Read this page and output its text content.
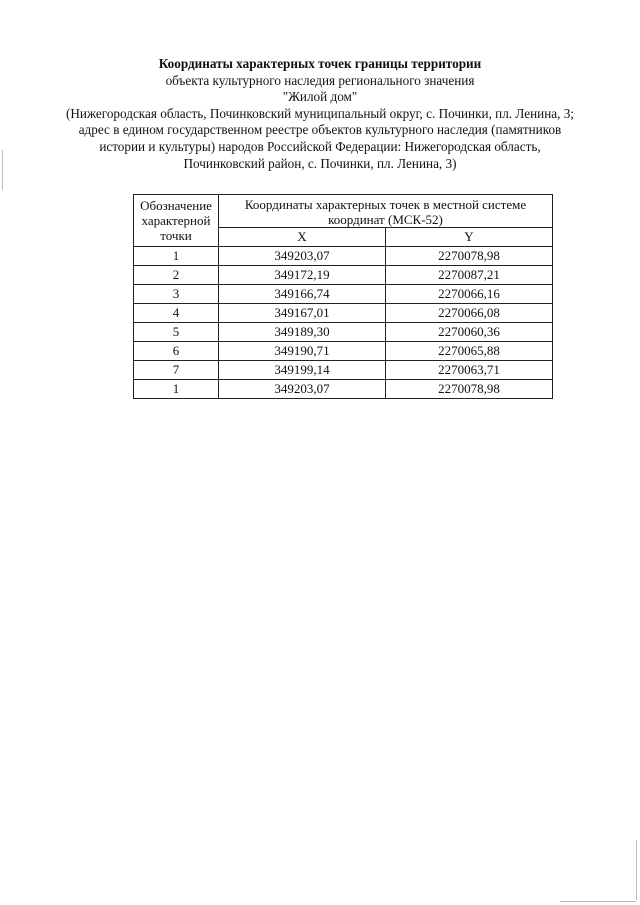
Координаты характерных точек границы территории
объекта культурного наследия регионального значения
"Жилой дом"
(Нижегородская область, Починковский муниципальный округ, с. Починки, пл. Ленина, 3;
адрес в едином государственном реестре объектов культурного наследия (памятников
истории и культуры) народов Российской Федерации: Нижегородская область,
Починковский район, с. Починки, пл. Ленина, 3)
Обозначение
характерной
точки	Координаты характерных точек в местной системе
координат (МСК-52)	
	X	Y
1	349203,07	2270078,98
2	349172,19	2270087,21
3	349166,74	2270066,16
4	349167,01	2270066,08
5	349189,30	2270060,36
6	349190,71	2270065,88
7	349199,14	2270063,71
1	349203,07	2270078,98
